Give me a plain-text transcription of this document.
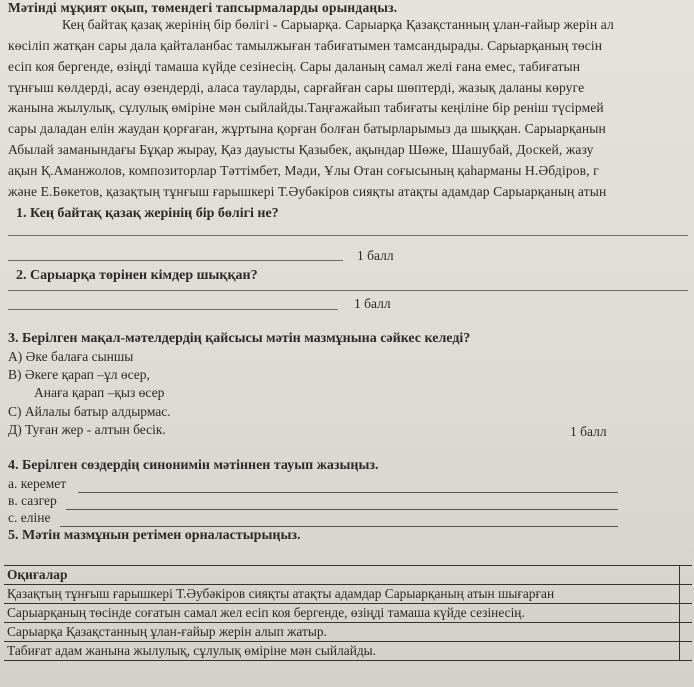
Мәтінді мұқият оқып, төмендегі тапсырмаларды орындаңыз.
Кең байтақ қазақ жерінің бір бөлігі - Сарыарқа. Сарыарқа Қазақстанның ұлан-ғайыр жерін ал
көсіліп жатқан сары дала қайталанбас тамылжыған табиғатымен тамсандырады. Сарыарқаның төсін
есіп коя бергенде, өзіңді тамаша күйде сезінесің. Сары даланың самал желі ғана емес, табиғатын
тұнғыш көлдерді, асау өзендерді, аласа тауларды, сарғайған сары шөптерді, жазық даланы көруге
жанына жылулық, сұлулық өміріне мән сыйлайды.Таңғажайып табиғаты кеңіліне бір реніш түсірмей
сары дaладан елін жаудан қорғаған, жұртына қорған болған батырларымыз да шыққан. Сарыарқанын
Абылай заманындағы Бұқар жырау, Қаз дауысты Қазыбек, ақындар Шөже, Шашубай, Доскей, жазу
ақын Қ.Аманжолов, композиторлар Тәттімбет, Мәди, Ұлы Отан соғысының қаһарманы Н.Әбдіров, г
және Е.Бөкетов, қазақтың тұнғыш ғарышкері Т.Әубәкіров сияқты атақты адамдар Сарыарқаның атын
1. Кең байтақ қазақ жерінің бір бөлігі не?
1 балл
2. Сарыарқа төрінен кімдер шыққан?
1 балл
3. Берілген мақал-мәтелдердің қайсысы мәтін мазмұнына сәйкес келеді?
А) Әке балаға сыншы
В) Әкеге қарап –ұл өсер,
Анаға қарап –қыз өсер
С) Айлалы батыр алдырмас.
Д) Туған жер - алтын бесік.	1 балл
4. Берілген сөздердің синонимін мәтіннен тауып жазыңыз.
а. керемет
в. сазгер
с. еліне
5. Мәтін мазмұнын ретімен орналастырыңыз.
Оқиғалар
Қазақтың тұнғыш ғарышкері Т.Әубәкіров сияқты атақты адамдар Сарыарқаның атын шығарған
Сарыарқаның төсінде соғатын самал жел есіп коя бергенде, өзіңді тамаша күйде сезінесің.
Сарыарқа Қазақстанның ұлан-ғайыр жерін алып жатыр.
Табиғат адам жанына жылулық, сұлулық өміріне мән сыйлайды.
